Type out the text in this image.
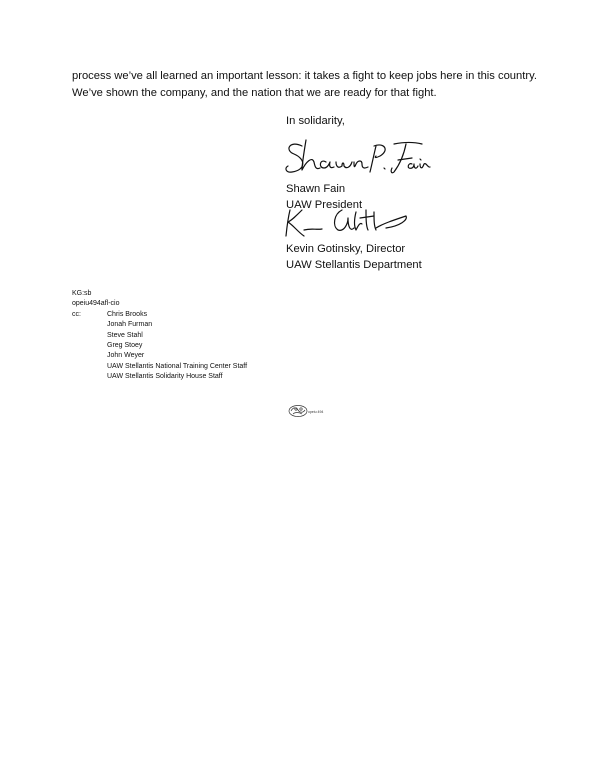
process we’ve all learned an important lesson: it takes a fight to keep jobs here in this country.

We’ve shown the company, and the nation that we are ready for that fight.

In solidarity,

Shawn Fain

UAW President

Kevin Gotinsky, Director

UAW Stellantis Department

KG:sb

opeiu494afl-cio

cc:	Chris Brooks
Jonah Furman
Steve Stahl
Greg Stoey
John Weyer
UAW Stellantis National Training Center Staff
UAW Stellantis Solidarity House Staff
opeiu 494
